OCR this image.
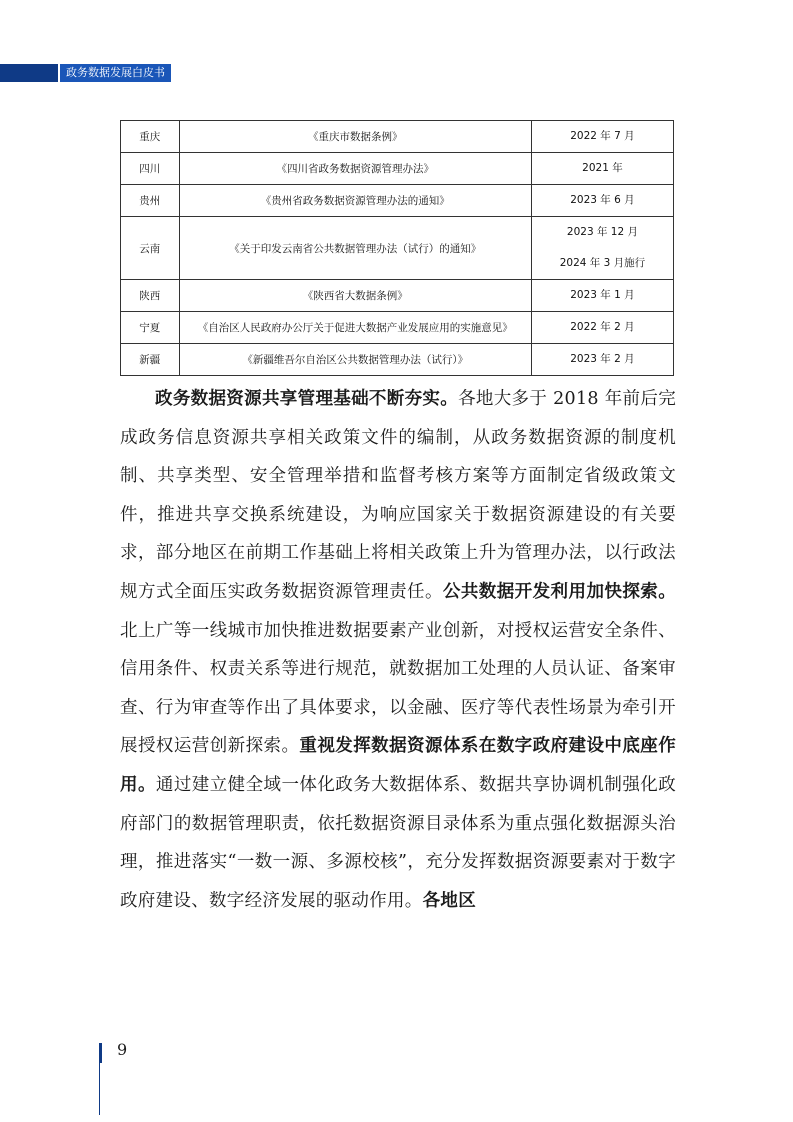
政务数据发展白皮书
重庆	《重庆市数据条例》	2022 年 7 月

四川	《四川省政务数据资源管理办法》	2021 年

贵州	《贵州省政务数据资源管理办法的通知》	2023 年 6 月

云南	《关于印发云南省公共数据管理办法（试行）的通知》	2023 年 12 月
2024 年 3 月施行

陕西	《陕西省大数据条例》	2023 年 1 月

宁夏	《自治区人民政府办公厅关于促进大数据产业发展应用的实施意见》	2022 年 2 月

新疆	《新疆维吾尔自治区公共数据管理办法（试行）》	2023 年 2 月
政务数据资源共享管理基础不断夯实。各地大多于 2018 年前后完成政务信息资源共享相关政策文件的编制，从政务数据资源的制度机制、共享类型、安全管理举措和监督考核方案等方面制定省级政策文件，推进共享交换系统建设，为响应国家关于数据资源建设的有关要求，部分地区在前期工作基础上将相关政策上升为管理办法，以行政法规方式全面压实政务数据资源管理责任。公共数据开发利用加快探索。北上广等一线城市加快推进数据要素产业创新，对授权运营安全条件、信用条件、权责关系等进行规范，就数据加工处理的人员认证、备案审查、行为审查等作出了具体要求，以金融、医疗等代表性场景为牵引开展授权运营创新探索。重视发挥数据资源体系在数字政府建设中底座作用。通过建立健全域一体化政务大数据体系、数据共享协调机制强化政府部门的数据管理职责，依托数据资源目录体系为重点强化数据源头治理，推进落实“一数一源、多源校核”，充分发挥数据资源要素对于数字政府建设、数字经济发展的驱动作用。各地区
9
